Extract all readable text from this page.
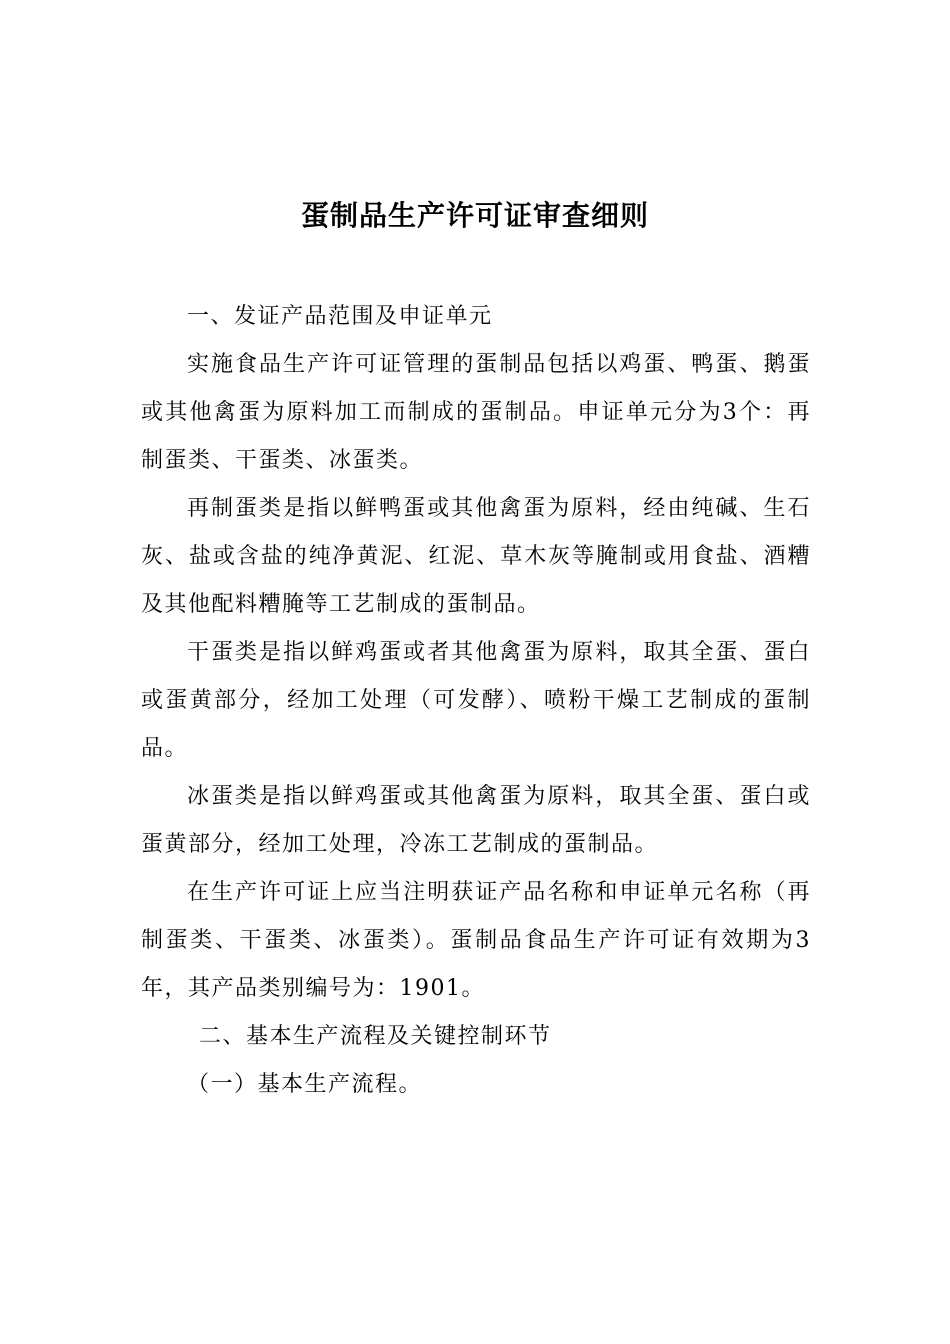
蛋制品生产许可证审查细则

一、发证产品范围及申证单元

实施食品生产许可证管理的蛋制品包括以鸡蛋、鸭蛋、鹅蛋或其他禽蛋为原料加工而制成的蛋制品。申证单元分为3个：再制蛋类、干蛋类、冰蛋类。

再制蛋类是指以鲜鸭蛋或其他禽蛋为原料，经由纯碱、生石灰、盐或含盐的纯净黄泥、红泥、草木灰等腌制或用食盐、酒糟及其他配料糟腌等工艺制成的蛋制品。

干蛋类是指以鲜鸡蛋或者其他禽蛋为原料，取其全蛋、蛋白或蛋黄部分，经加工处理（可发酵）、喷粉干燥工艺制成的蛋制品。

冰蛋类是指以鲜鸡蛋或其他禽蛋为原料，取其全蛋、蛋白或蛋黄部分，经加工处理，冷冻工艺制成的蛋制品。

在生产许可证上应当注明获证产品名称和申证单元名称（再制蛋类、干蛋类、冰蛋类）。蛋制品食品生产许可证有效期为3年，其产品类别编号为：1901。

二、基本生产流程及关键控制环节

（一）基本生产流程。
